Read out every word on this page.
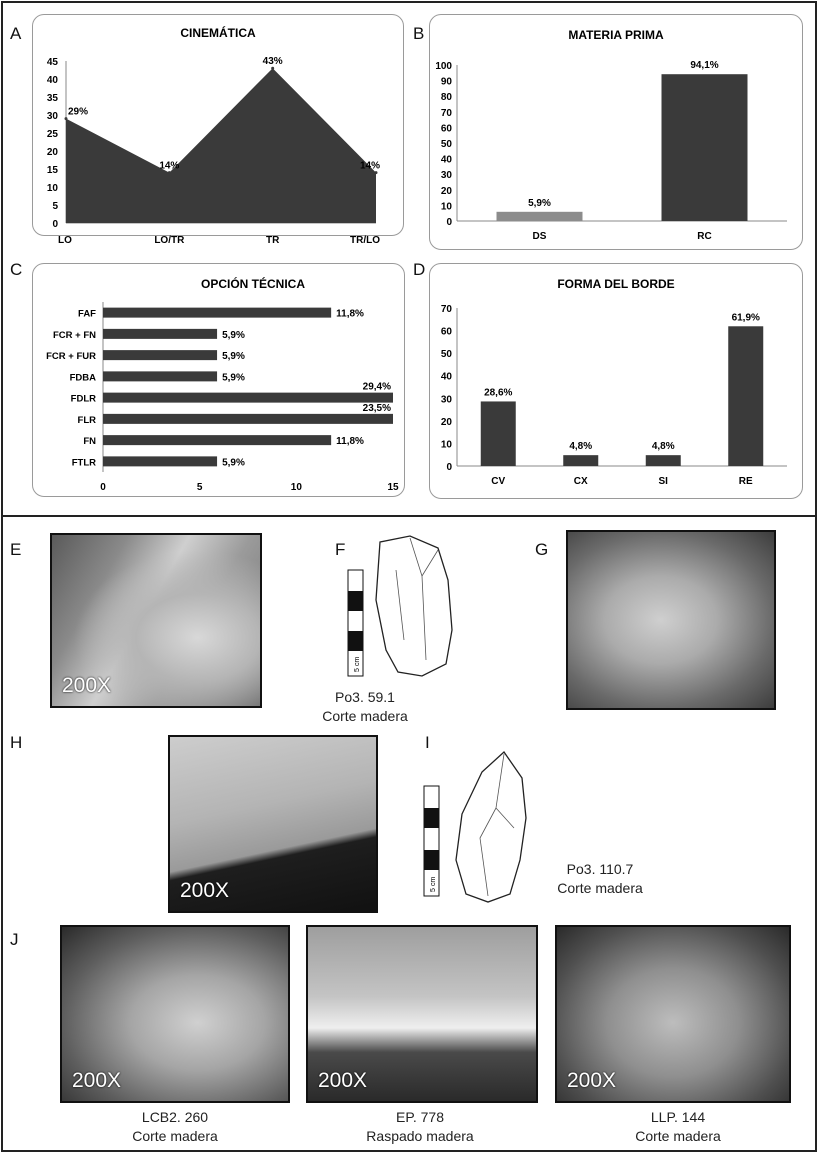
A	B
C	D
E	F	G
H	I
J
CINEMÁTICA
0
5
10
15
20
25
30
35
40
45
29%
LO
14%
LO/TR
43%
TR
14%
TR/LO
MATERIA PRIMA
0
10
20
30
40
50
60
70
80
90
100
5,9%
DS
94,1%
RC
OPCIÓN TÉCNICA
0	5	10	15
FAF	11,8%
FCR + FN	5,9%
FCR + FUR	5,9%
FDBA	5,9%
FDLR
29,4%
FLR
23,5%
FN	11,8%
FTLR	5,9%
FORMA DEL BORDE
0
10
20
30
40
50
60
70
28,6%
CV
4,8%
CX
4,8%
SI
61,9%
RE
200X
200X
200X	200X	200X
5 cm
Po3. 59.1
Corte madera
5 cm
Po3. 110.7
Corte madera
LCB2. 260
Corte madera
EP. 778
Raspado madera
LLP. 144
Corte madera
